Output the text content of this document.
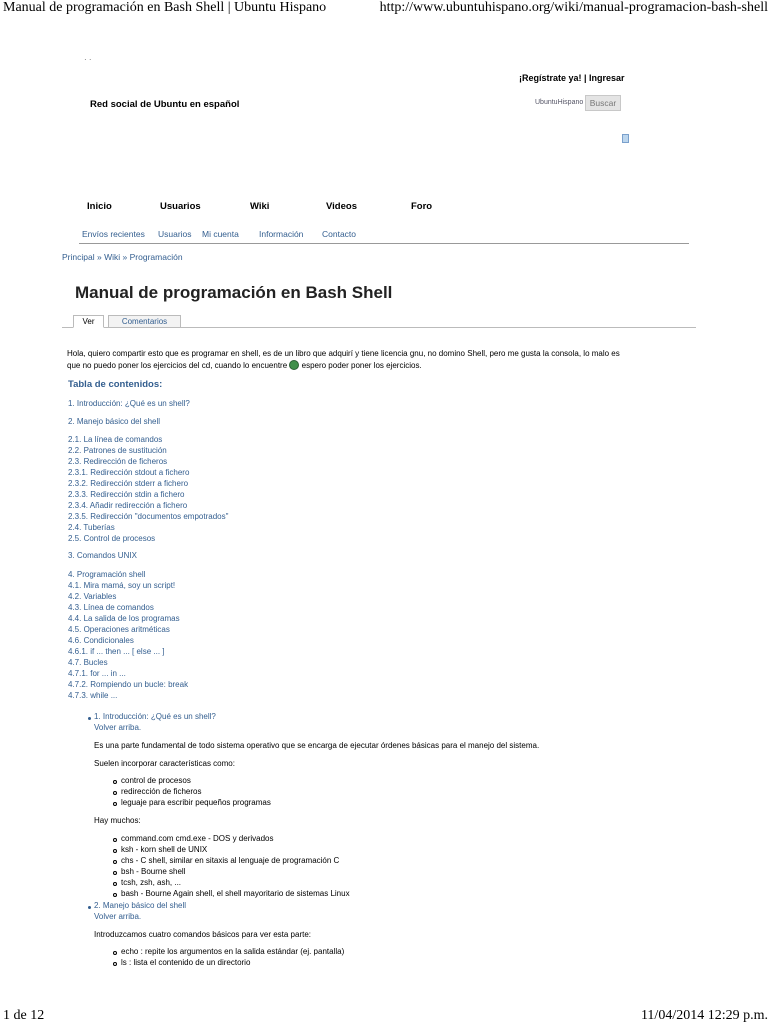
Manual de programación en Bash Shell | Ubuntu Hispano	http://www.ubuntuhispano.org/wiki/manual-programacion-bash-shell
1 de 12	11/04/2014 12:29 p.m.
· ·
¡Regístrate ya! | Ingresar
Red social de Ubuntu en español	UbuntuHispano Buscar
Inicio	Usuarios	Wiki	Videos	Foro
Envíos recientes Usuarios Mi cuenta Información Contacto
Principal » Wiki » Programación
Manual de programación en Bash Shell
Ver	Comentarios
Hola, quiero compartir esto que es programar en shell, es de un libro que adquirí y tiene licencia gnu, no domino Shell, pero me gusta la consola, lo malo es
que no puedo poner los ejercicios del cd, cuando lo encuentre espero poder poner los ejercicios.
Tabla de contenidos:
1. Introducción: ¿Qué es un shell?
2. Manejo básico del shell
2.1. La línea de comandos
2.2. Patrones de sustitución
2.3. Redirección de ficheros
2.3.1. Redirección stdout a fichero
2.3.2. Redirección stderr a fichero
2.3.3. Redirección stdin a fichero
2.3.4. Añadir redirección a fichero
2.3.5. Redirección "documentos empotrados"
2.4. Tuberías
2.5. Control de procesos
3. Comandos UNIX
4. Programación shell
4.1. Mira mamá, soy un script!
4.2. Variables
4.3. Línea de comandos
4.4. La salida de los programas
4.5. Operaciones aritméticas
4.6. Condicionales
4.6.1. if ... then ... [ else ... ]
4.7. Bucles
4.7.1. for ... in ...
4.7.2. Rompiendo un bucle: break
4.7.3. while ...
1. Introducción: ¿Qué es un shell?
Volver arriba.
Es una parte fundamental de todo sistema operativo que se encarga de ejecutar órdenes básicas para el manejo del sistema.
Suelen incorporar características como:
control de procesos
redirección de ficheros
leguaje para escribir pequeños programas
Hay muchos:
command.com cmd.exe - DOS y derivados
ksh - korn shell de UNIX
chs - C shell, similar en sitaxis al lenguaje de programación C
bsh - Bourne shell
tcsh, zsh, ash, ...
bash - Bourne Again shell, el shell mayoritario de sistemas Linux
2. Manejo básico del shell
Volver arriba.
Introduzcamos cuatro comandos básicos para ver esta parte:
echo : repite los argumentos en la salida estándar (ej. pantalla)
ls : lista el contenido de un directorio
